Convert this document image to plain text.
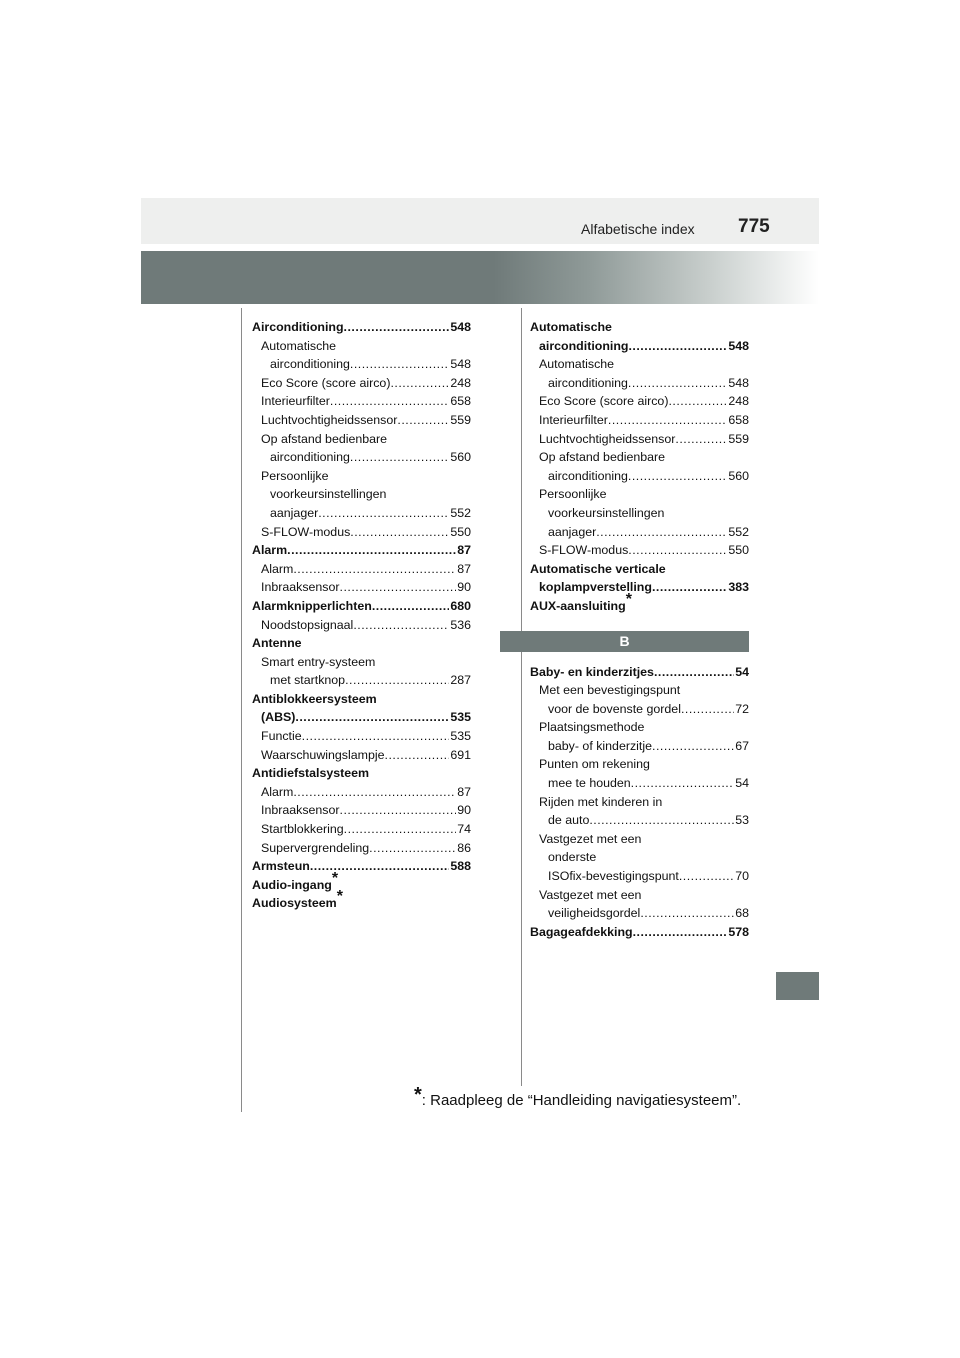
Alfabetische index 775
Airconditioning .....	548
Automatische
airconditioning .....	548
Eco Score (score airco) .....	248
Interieurfilter .....	658
Luchtvochtigheidssensor .....	559
Op afstand bedienbare
airconditioning .....	560
Persoonlijke
voorkeursinstellingen
aanjager .....	552
S-FLOW-modus .....	550
Alarm .....	87
Alarm .....	87
Inbraaksensor .....	90
Alarmknipperlichten .....	680
Noodstopsignaal .....	536
Antenne
Smart entry-systeem
met startknop .....	287
Antiblokkeersysteem
(ABS) .....	535
Functie .....	535
Waarschuwingslampje .....	691
Antidiefstalsysteem
Alarm .....	87
Inbraaksensor .....	90
Startblokkering .....	74
Supervergrendeling .....	86
Armsteun .....	588
Audio-ingang*
Audiosysteem*
Automatische
airconditioning .....	548
Automatische
airconditioning .....	548
Eco Score (score airco) .....	248
Interieurfilter .....	658
Luchtvochtigheidssensor .....	559
Op afstand bedienbare
airconditioning .....	560
Persoonlijke
voorkeursinstellingen
aanjager .....	552
S-FLOW-modus .....	550
Automatische verticale
koplampverstelling .....	383
AUX-aansluiting*
B
Baby- en kinderzitjes .....	54
Met een bevestigingspunt
voor de bovenste gordel .....	72
Plaatsingsmethode
baby- of kinderzitje .....	67
Punten om rekening
mee te houden .....	54
Rijden met kinderen in
de auto .....	53
Vastgezet met een
onderste
ISOfix-bevestigingspunt .....	70
Vastgezet met een
veiligheidsgordel .....	68
Bagageafdekking .....	578
*: Raadpleeg de “Handleiding navigatiesysteem”.
